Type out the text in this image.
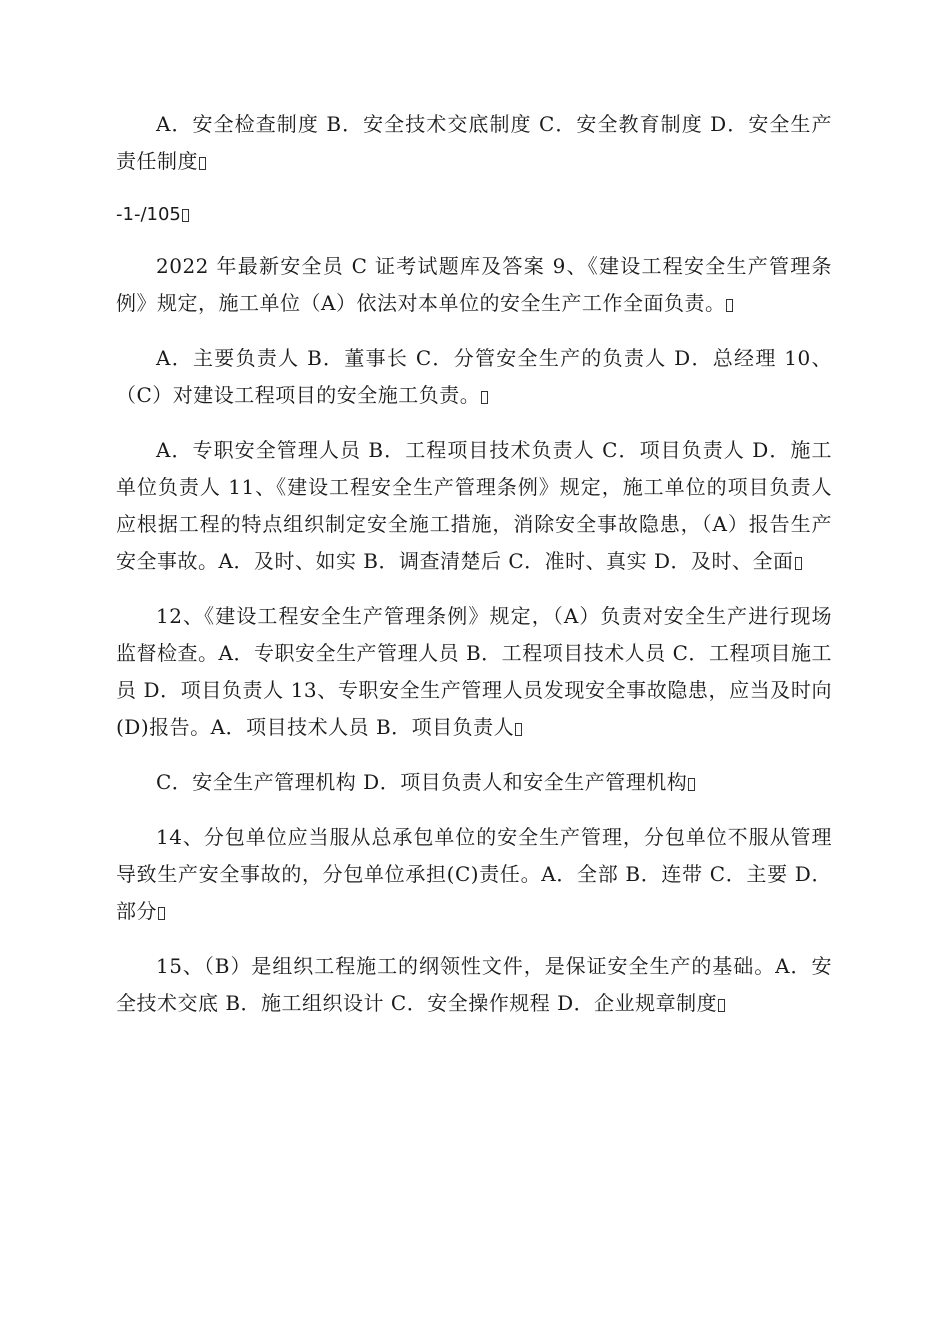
A．安全检查制度 B．安全技术交底制度 C．安全教育制度 D．安全生产责任制度

-1-/105

2022 年最新安全员 C 证考试题库及答案 9、《建设工程安全生产管理条例》规定，施工单位（A）依法对本单位的安全生产工作全面负责。

A．主要负责人 B．董事长 C．分管安全生产的负责人 D．总经理 10、（C）对建设工程项目的安全施工负责。

A．专职安全管理人员 B．工程项目技术负责人 C．项目负责人 D．施工单位负责人 11、《建设工程安全生产管理条例》规定，施工单位的项目负责人应根据工程的特点组织制定安全施工措施，消除安全事故隐患，（A）报告生产安全事故。A．及时、如实 B．调查清楚后 C．准时、真实 D．及时、全面

12、《建设工程安全生产管理条例》规定，（A）负责对安全生产进行现场监督检查。A．专职安全生产管理人员 B．工程项目技术人员 C．工程项目施工员 D．项目负责人 13、专职安全生产管理人员发现安全事故隐患，应当及时向(D)报告。A．项目技术人员 B．项目负责人

C．安全生产管理机构 D．项目负责人和安全生产管理机构

14、分包单位应当服从总承包单位的安全生产管理，分包单位不服从管理导致生产安全事故的，分包单位承担(C)责任。A．全部 B．连带 C．主要 D．部分

15、（B）是组织工程施工的纲领性文件，是保证安全生产的基础。A．安全技术交底 B．施工组织设计 C．安全操作规程 D．企业规章制度
